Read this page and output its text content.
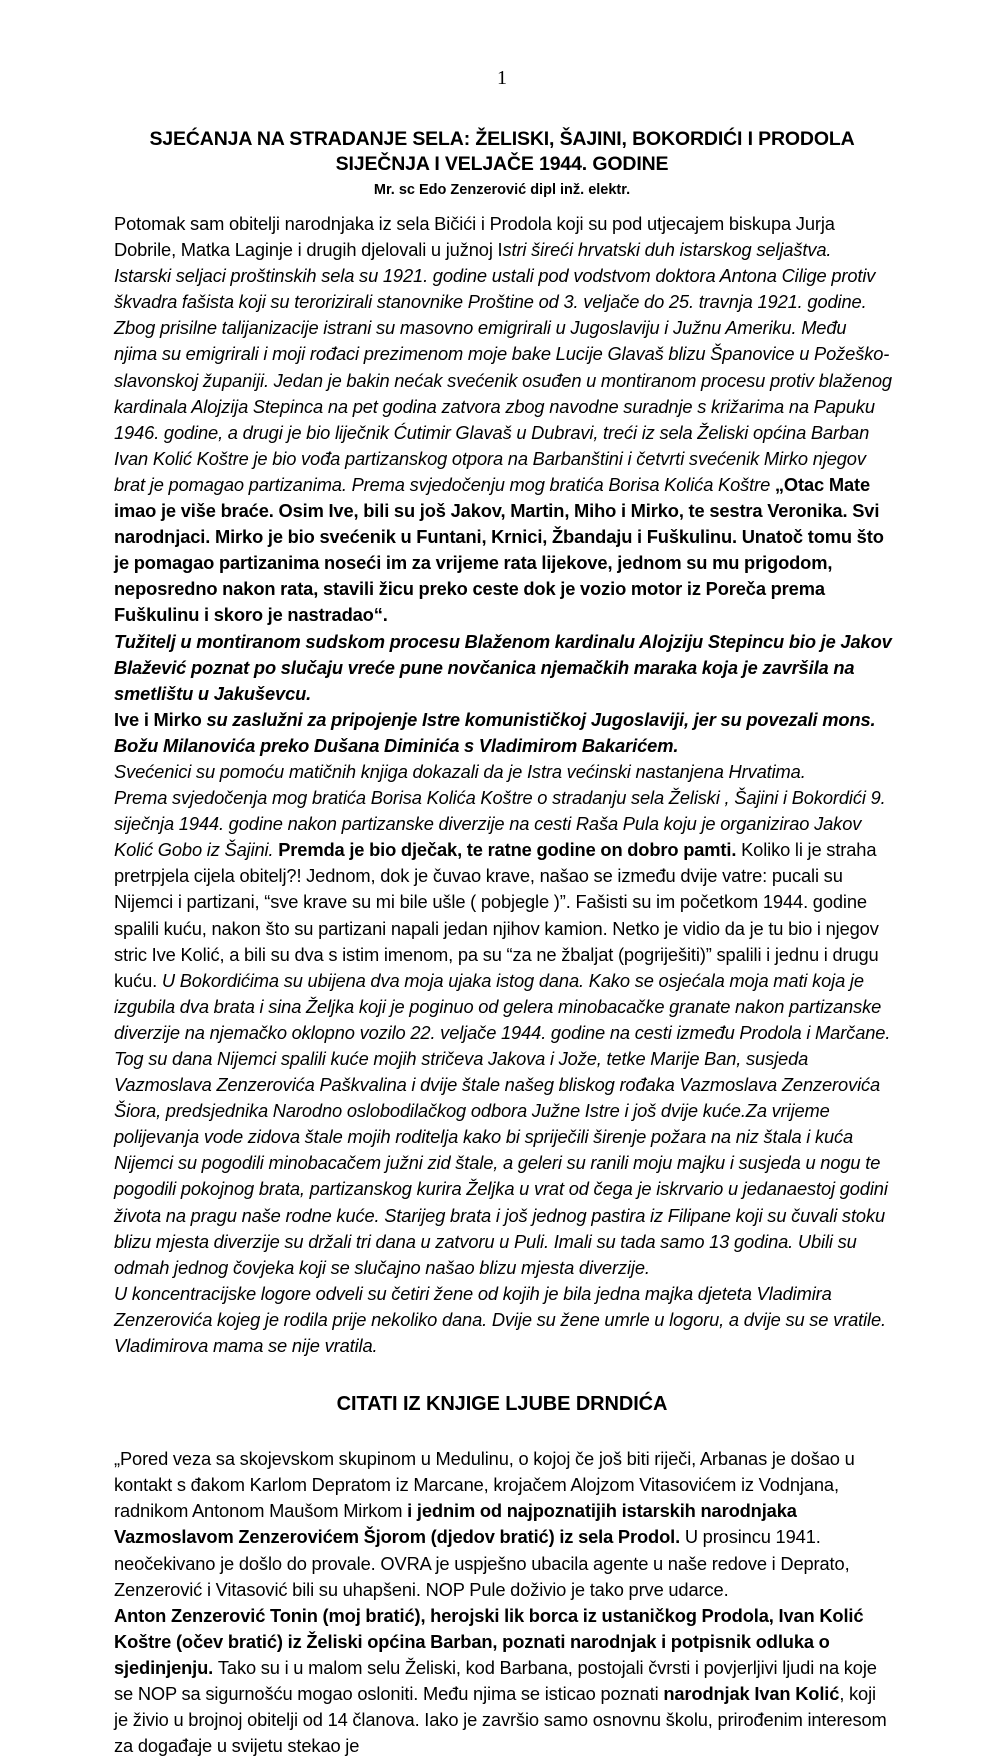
1
SJEĆANJA NA STRADANJE SELA: ŽELISKI, ŠAJINI, BOKORDIĆI I PRODOLA SIJEČNJA I VELJAČE 1944. GODINE
Mr. sc Edo Zenzerović dipl inž. elektr.

Potomak sam obitelji narodnjaka iz sela Bičići i Prodola koji su pod utjecajem biskupa Jurja Dobrile, Matka Laginje i drugih djelovali u južnoj Istri šireći hrvatski duh istarskog seljaštva. Istarski seljaci proštinskih sela su 1921. godine ustali pod vodstvom doktora Antona Cilige protiv škvadra fašista koji su terorizirali stanovnike Proštine od 3. veljače do 25. travnja 1921. godine.

Zbog prisilne talijanizacije istrani su masovno emigrirali u Jugoslaviju i Južnu Ameriku. Među njima su emigrirali i moji rođaci prezimenom moje bake Lucije Glavaš blizu Španovice u Požeško-slavonskoj županiji. Jedan je bakin nećak svećenik osuđen u montiranom procesu protiv blaženog kardinala Alojzija Stepinca na pet godina zatvora zbog navodne suradnje s križarima na Papuku 1946. godine, a drugi je bio liječnik Ćutimir Glavaš u Dubravi, treći iz sela Želiski općina Barban Ivan Kolić Koštre je bio vođa partizanskog otpora na Barbanštini i četvrti svećenik Mirko njegov brat je pomagao partizanima. Prema svjedočenju mog bratića Borisa Kolića Koštre „Otac Mate imao je više braće. Osim Ive, bili su još Jakov, Martin, Miho i Mirko, te sestra Veronika. Svi narodnjaci. Mirko je bio svećenik u Funtani, Krnici, Žbandaju i Fuškulinu. Unatoč tomu što je pomagao partizanima noseći im za vrijeme rata lijekove, jednom su mu prigodom, neposredno nakon rata, stavili žicu preko ceste dok je vozio motor iz Poreča prema Fuškulinu i skoro je nastradao“.

Tužitelj u montiranom sudskom procesu Blaženom kardinalu Alojziju Stepincu bio je Jakov Blažević poznat po slučaju vreće pune novčanica njemačkih maraka koja je završila na smetlištu u Jakuševcu.

Ive i Mirko su zaslužni za pripojenje Istre komunističkoj Jugoslaviji, jer su povezali mons. Božu Milanovića preko Dušana Diminića s Vladimirom Bakarićem.

Svećenici su pomoću matičnih knjiga dokazali da je Istra većinski nastanjena Hrvatima.

Prema svjedočenja mog bratića Borisa Kolića Koštre o stradanju sela Želiski , Šajini i Bokordići 9. siječnja 1944. godine nakon partizanske diverzije na cesti Raša Pula koju je organizirao Jakov Kolić Gobo iz Šajini. Premda je bio dječak, te ratne godine on dobro pamti. Koliko li je straha pretrpjela cijela obitelj?! Jednom, dok je čuvao krave, našao se između dvije vatre: pucali su Nijemci i partizani, “sve krave su mi bile ušle ( pobjegle )”. Fašisti su im početkom 1944. godine spalili kuću, nakon što su partizani napali jedan njihov kamion. Netko je vidio da je tu bio i njegov stric Ive Kolić, a bili su dva s istim imenom, pa su “za ne žbaljat (pogriješiti)” spalili i jednu i drugu kuću. U Bokordićima su ubijena dva moja ujaka istog dana. Kako se osjećala moja mati koja je izgubila dva brata i sina Željka koji je poginuo od gelera minobacačke granate nakon partizanske diverzije na njemačko oklopno vozilo 22. veljače 1944. godine na cesti između Prodola i Marčane. Tog su dana Nijemci spalili kuće mojih stričeva Jakova i Jože, tetke Marije Ban, susjeda Vazmoslava Zenzerovića Paškvalina i dvije štale našeg bliskog rođaka Vazmoslava Zenzerovića Šiora, predsjednika Narodno oslobodilačkog odbora Južne Istre i još dvije kuće.Za vrijeme polijevanja vode zidova štale mojih roditelja kako bi spriječili širenje požara na niz štala i kuća Nijemci su pogodili minobacačem južni zid štale, a geleri su ranili moju majku i susjeda u nogu te pogodili pokojnog brata, partizanskog kurira Željka u vrat od čega je iskrvario u jedanaestoj godini života na pragu naše rodne kuće. Starijeg brata i još jednog pastira iz Filipane koji su čuvali stoku blizu mjesta diverzije su držali tri dana u zatvoru u Puli. Imali su tada samo 13 godina. Ubili su odmah jednog čovjeka koji se slučajno našao blizu mjesta diverzije.

U koncentracijske logore odveli su četiri žene od kojih je bila jedna majka djeteta Vladimira Zenzerovića kojeg je rodila prije nekoliko dana. Dvije su žene umrle u logoru, a dvije su se vratile. Vladimirova mama se nije vratila.

CITATI IZ KNJIGE LJUBE DRNDIĆA

„Pored veza sa skojevskom skupinom u Medulinu, o kojoj če još biti riječi, Arbanas je došao u kontakt s đakom Karlom Depratom iz Marcane, krojačem Alojzom Vitasovićem iz Vodnjana, radnikom Antonom Maušom Mirkom i jednim od najpoznatijih istarskih narodnjaka Vazmoslavom Zenzerovićem Šjorom (djedov bratić) iz sela Prodol. U prosincu 1941. neočekivano je došlo do provale. OVRA je uspješno ubacila agente u naše redove i Deprato, Zenzerović i Vitasović bili su uhapšeni. NOP Pule doživio je tako prve udarce.

Anton Zenzerović Tonin (moj bratić), herojski lik borca iz ustaničkog Prodola, Ivan Kolić Koštre (očev bratić) iz Želiski općina Barban, poznati narodnjak i potpisnik odluka o sjedinjenju. Tako su i u malom selu Želiski, kod Barbana, postojali čvrsti i povjerljivi ljudi na koje se NOP sa sigurnošću mogao osloniti. Među njima se isticao poznati narodnjak Ivan Kolić, koji je živio u brojnoj obitelji od 14 članova. Iako je završio samo osnovnu školu, prirođenim interesom za događaje u svijetu stekao je
